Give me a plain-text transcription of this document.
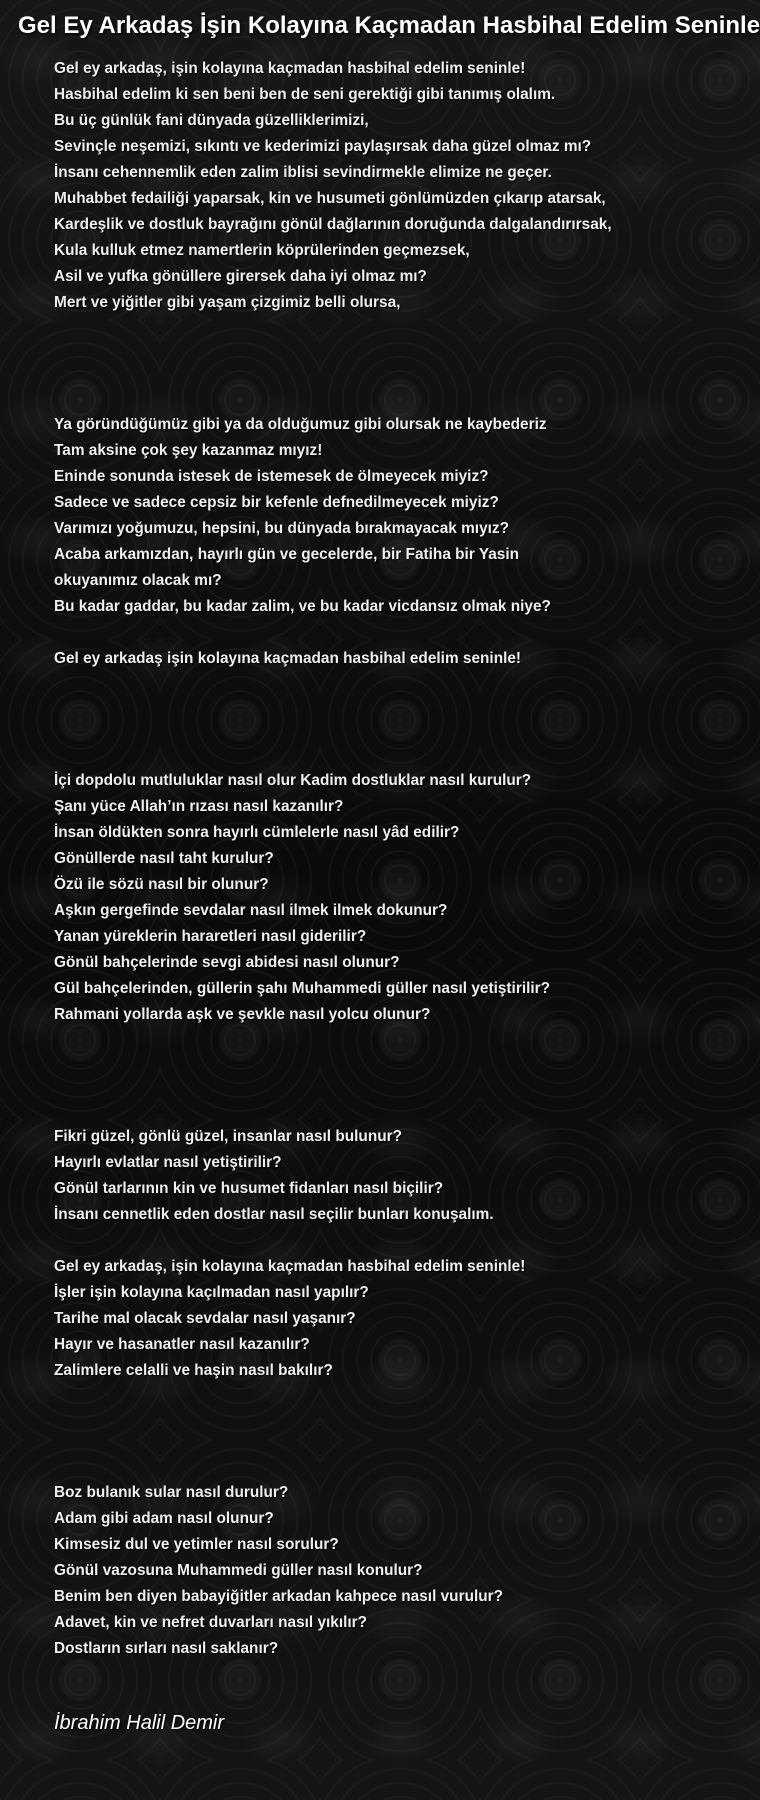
Gel Ey Arkadaş İşin Kolayına Kaçmadan Hasbihal Edelim Seninle
Gel ey arkadaş, işin kolayına kaçmadan hasbihal edelim seninle!
Hasbihal edelim ki sen beni ben de seni gerektiği gibi tanımış olalım.
Bu üç günlük fani dünyada güzelliklerimizi,
Sevinçle neşemizi, sıkıntı ve kederimizi paylaşırsak daha güzel olmaz mı?
İnsanı cehennemlik eden zalim iblisi sevindirmekle elimize ne geçer.
Muhabbet fedailiği yaparsak, kin ve husumeti gönlümüzden çıkarıp atarsak,
Kardeşlik ve dostluk bayrağını gönül dağlarının doruğunda dalgalandırırsak,
Kula kulluk etmez namertlerin köprülerinden geçmezsek,
Asil ve yufka gönüllere girersek daha iyi olmaz mı?
Mert ve yiğitler gibi yaşam çizgimiz belli olursa,
Ya göründüğümüz gibi ya da olduğumuz gibi olursak ne kaybederiz
Tam aksine çok şey kazanmaz mıyız!
Eninde sonunda istesek de istemesek de ölmeyecek miyiz?
Sadece ve sadece cepsiz bir kefenle defnedilmeyecek miyiz?
Varımızı yoğumuzu, hepsini, bu dünyada bırakmayacak mıyız?
Acaba arkamızdan, hayırlı gün ve gecelerde, bir Fatiha bir Yasin
okuyanımız olacak mı?
Bu kadar gaddar, bu kadar zalim, ve bu kadar vicdansız olmak niye?
Gel ey arkadaş işin kolayına kaçmadan hasbihal edelim seninle!
İçi dopdolu mutluluklar nasıl olur Kadim dostluklar nasıl kurulur?
Şanı yüce Allah’ın rızası nasıl kazanılır?
İnsan öldükten sonra hayırlı cümlelerle nasıl yâd edilir?
Gönüllerde nasıl taht kurulur?
Özü ile sözü nasıl bir olunur?
Aşkın gergefinde sevdalar nasıl ilmek ilmek dokunur?
Yanan yüreklerin hararetleri nasıl giderilir?
Gönül bahçelerinde sevgi abidesi nasıl olunur?
Gül bahçelerinden, güllerin şahı Muhammedi güller nasıl yetiştirilir?
Rahmani yollarda aşk ve şevkle nasıl yolcu olunur?
Fikri güzel, gönlü güzel, insanlar nasıl bulunur?
Hayırlı evlatlar nasıl yetiştirilir?
Gönül tarlarının kin ve husumet fidanları nasıl biçilir?
İnsanı cennetlik eden dostlar nasıl seçilir bunları konuşalım.
Gel ey arkadaş, işin kolayına kaçmadan hasbihal edelim seninle!
İşler işin kolayına kaçılmadan nasıl yapılır?
Tarihe mal olacak sevdalar nasıl yaşanır?
Hayır ve hasanatler nasıl kazanılır?
Zalimlere celalli ve haşin nasıl bakılır?
Boz bulanık sular nasıl durulur?
Adam gibi adam nasıl olunur?
Kimsesiz dul ve yetimler nasıl sorulur?
Gönül vazosuna Muhammedi güller nasıl konulur?
Benim ben diyen babayiğitler arkadan kahpece nasıl vurulur?
Adavet, kin ve nefret duvarları nasıl yıkılır?
Dostların sırları nasıl saklanır?
İbrahim Halil Demir
